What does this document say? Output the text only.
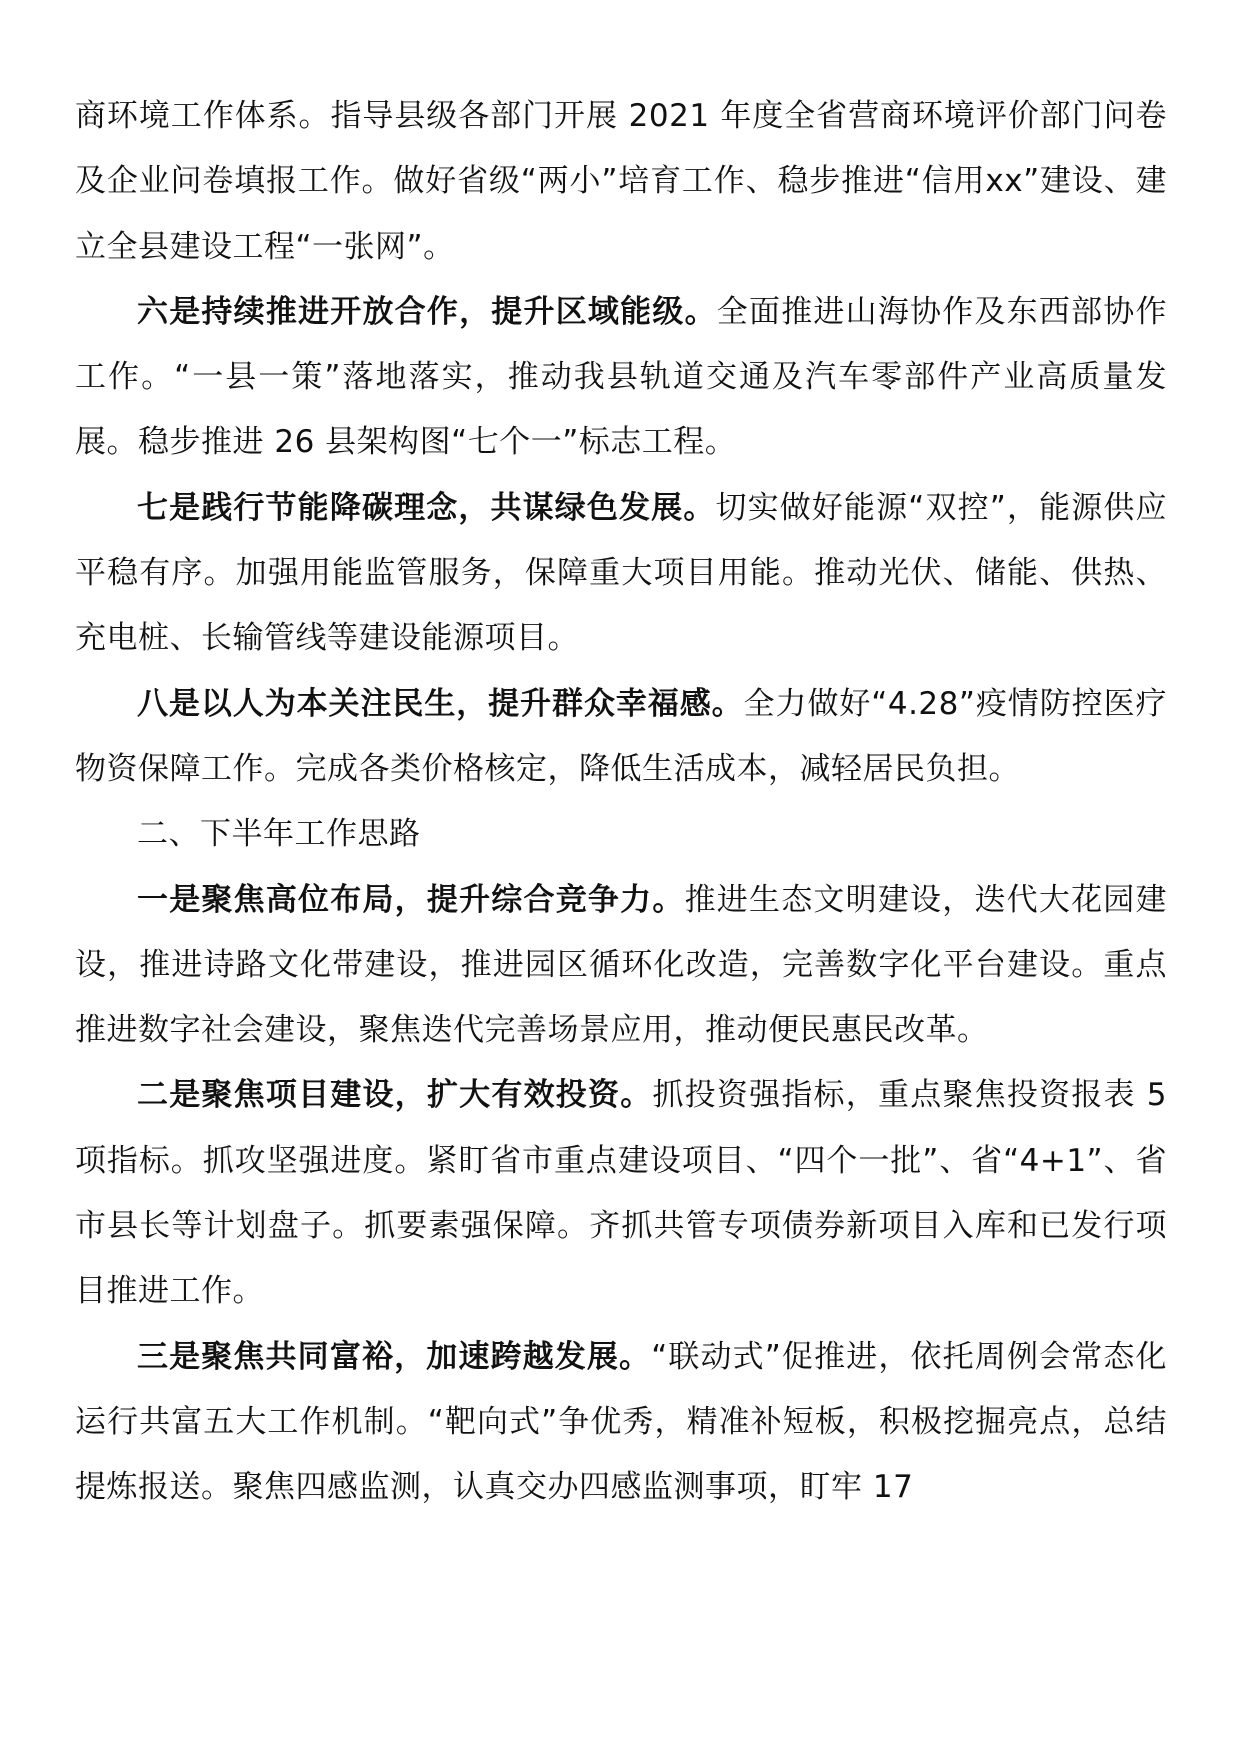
商环境工作体系。指导县级各部门开展 2021 年度全省营商环境评价部门问卷及企业问卷填报工作。做好省级“两小”培育工作、稳步推进“信用xx”建设、建立全县建设工程“一张网”。

六是持续推进开放合作，提升区域能级。全面推进山海协作及东西部协作工作。“一县一策”落地落实，推动我县轨道交通及汽车零部件产业高质量发展。稳步推进 26 县架构图“七个一”标志工程。

七是践行节能降碳理念，共谋绿色发展。切实做好能源“双控”，能源供应平稳有序。加强用能监管服务，保障重大项目用能。推动光伏、储能、供热、充电桩、长输管线等建设能源项目。

八是以人为本关注民生，提升群众幸福感。全力做好“4.28”疫情防控医疗物资保障工作。完成各类价格核定，降低生活成本，减轻居民负担。

二、下半年工作思路

一是聚焦高位布局，提升综合竞争力。推进生态文明建设，迭代大花园建设，推进诗路文化带建设，推进园区循环化改造，完善数字化平台建设。重点推进数字社会建设，聚焦迭代完善场景应用，推动便民惠民改革。

二是聚焦项目建设，扩大有效投资。抓投资强指标，重点聚焦投资报表 5 项指标。抓攻坚强进度。紧盯省市重点建设项目、“四个一批”、省“4+1”、省市县长等计划盘子。抓要素强保障。齐抓共管专项债券新项目入库和已发行项目推进工作。

三是聚焦共同富裕，加速跨越发展。“联动式”促推进，依托周例会常态化运行共富五大工作机制。“靶向式”争优秀，精准补短板，积极挖掘亮点，总结提炼报送。聚焦四感监测，认真交办四感监测事项，盯牢 17
